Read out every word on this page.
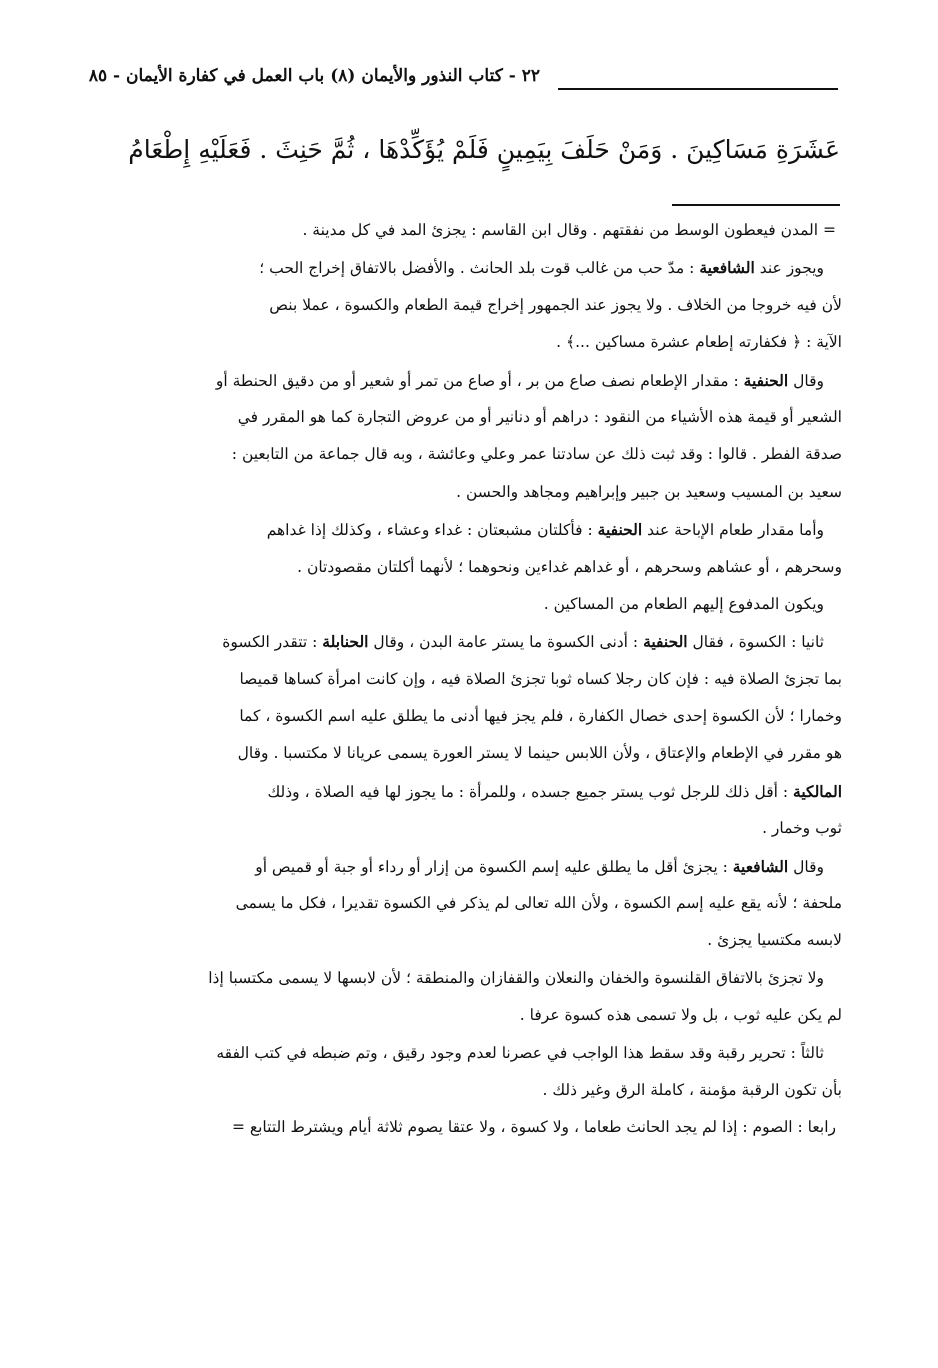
٢٢ - كتاب النذور والأيمان (٨) باب العمل في كفارة الأيمان - ٨٥
عَشَرَةِ مَسَاكِينَ . وَمَنْ حَلَفَ بِيَمِينٍ فَلَمْ يُؤَكِّدْهَا ، ثُمَّ حَنِثَ . فَعَلَيْهِ إِطْعَامُ
= المدن فيعطون الوسط من نفقتهم . وقال ابن القاسم : يجزئ المد في كل مدينة .
ويجوز عند الشافعية : مدّ حب من غالب قوت بلد الحانث . والأفضل بالاتفاق إخراج الحب ؛
لأن فيه خروجا من الخلاف . ولا يجوز عند الجمهور إخراج قيمة الطعام والكسوة ، عملا بنص
الآية : ﴿ فكفارته إطعام عشرة مساكين ...﴾ .
وقال الحنفية : مقدار الإطعام نصف صاع من بر ، أو صاع من تمر أو شعير أو من دقيق الحنطة أو
الشعير أو قيمة هذه الأشياء من النقود : دراهم أو دنانير أو من عروض التجارة كما هو المقرر في
صدقة الفطر . قالوا : وقد ثبت ذلك عن سادتنا عمر وعلي وعائشة ، وبه قال جماعة من التابعين :
سعيد بن المسيب وسعيد بن جبير وإبراهيم ومجاهد والحسن .
وأما مقدار طعام الإباحة عند الحنفية : فأكلتان مشبعتان : غداء وعشاء ، وكذلك إذا غداهم
وسحرهم ، أو عشاهم وسحرهم ، أو غداهم غداءين ونحوهما ؛ لأنهما أكلتان مقصودتان .
ويكون المدفوع إليهم الطعام من المساكين .
ثانيا : الكسوة ، فقال الحنفية : أدنى الكسوة ما يستر عامة البدن ، وقال الحنابلة : تتقدر الكسوة
بما تجزئ الصلاة فيه : فإن كان رجلا كساه ثوبا تجزئ الصلاة فيه ، وإن كانت امرأة كساها قميصا
وخمارا ؛ لأن الكسوة إحدى خصال الكفارة ، فلم يجز فيها أدنى ما يطلق عليه اسم الكسوة ، كما
هو مقرر في الإطعام والإعتاق ، ولأن اللابس حينما لا يستر العورة يسمى عريانا لا مكتسبا . وقال
المالكية : أقل ذلك للرجل ثوب يستر جميع جسده ، وللمرأة : ما يجوز لها فيه الصلاة ، وذلك
ثوب وخمار .
وقال الشافعية : يجزئ أقل ما يطلق عليه إسم الكسوة من إزار أو رداء أو جبة أو قميص أو
ملحفة ؛ لأنه يقع عليه إسم الكسوة ، ولأن الله تعالى لم يذكر في الكسوة تقديرا ، فكل ما يسمى
لابسه مكتسيا يجزئ .
ولا تجزئ بالاتفاق القلنسوة والخفان والنعلان والقفازان والمنطقة ؛ لأن لابسها لا يسمى مكتسبا إذا
لم يكن عليه ثوب ، بل ولا تسمى هذه كسوة عرفا .
ثالثاً : تحرير رقبة وقد سقط هذا الواجب في عصرنا لعدم وجود رقيق ، وتم ضبطه في كتب الفقه
بأن تكون الرقبة مؤمنة ، كاملة الرق وغير ذلك .
رابعا : الصوم : إذا لم يجد الحانث طعاما ، ولا كسوة ، ولا عتقا يصوم ثلاثة أيام ويشترط التتابع =
